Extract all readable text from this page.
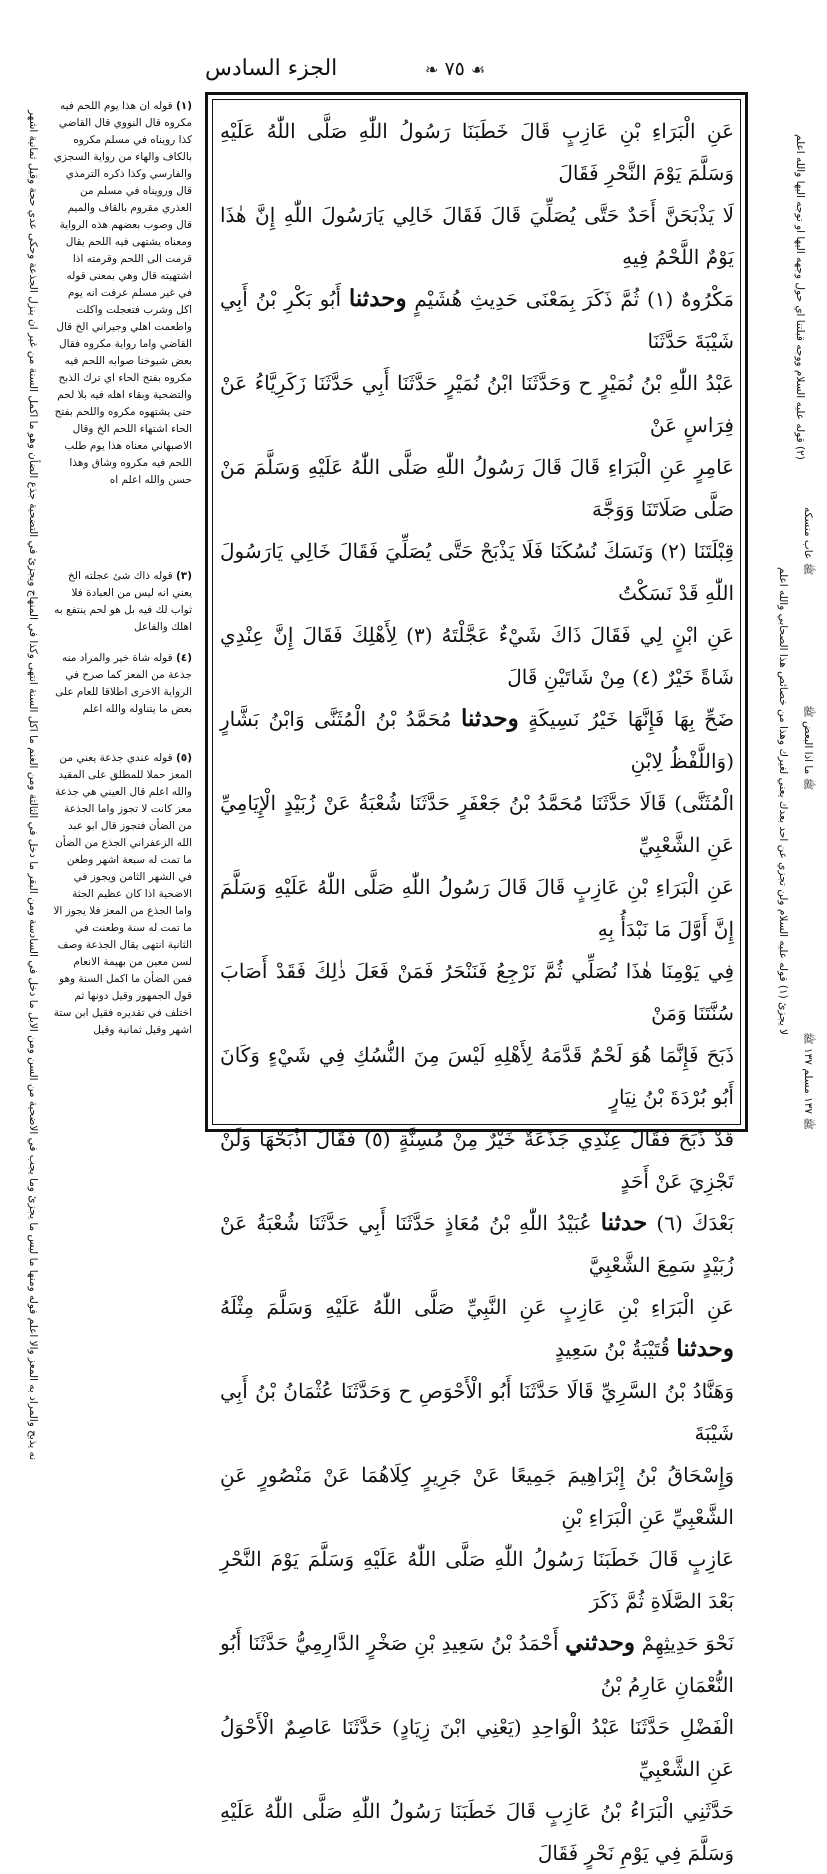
الجزء السادس	❧ ٧٥ ☙

عَنِ الْبَرَاءِ بْنِ عَازِبٍ قَالَ خَطَبَنَا رَسُولُ اللّٰهِ صَلَّى اللّٰهُ عَلَيْهِ وَسَلَّمَ يَوْمَ النَّحْرِ فَقَالَ

لَا يَذْبَحَنَّ أَحَدٌ حَتَّى يُصَلِّيَ قَالَ فَقَالَ خَالِي يَارَسُولَ اللّٰهِ إِنَّ هٰذَا يَوْمٌ اللَّحْمُ فِيهِ

مَكْرُوهٌ (١) ثُمَّ ذَكَرَ بِمَعْنَى حَدِيثِ هُشَيْمٍ وحدثنا أَبُو بَكْرِ بْنُ أَبِي شَيْبَةَ حَدَّثَنَا

عَبْدُ اللّٰهِ بْنُ نُمَيْرٍ ح وَحَدَّثَنَا ابْنُ نُمَيْرٍ حَدَّثَنَا أَبِي حَدَّثَنَا زَكَرِيَّاءُ عَنْ فِرَاسٍ عَنْ

عَامِرٍ عَنِ الْبَرَاءِ قَالَ قَالَ رَسُولُ اللّٰهِ صَلَّى اللّٰهُ عَلَيْهِ وَسَلَّمَ مَنْ صَلَّى صَلَاتَنَا وَوَجَّهَ

قِبْلَتَنَا (٢) وَنَسَكَ نُسُكَنَا فَلَا يَذْبَحْ حَتَّى يُصَلِّيَ فَقَالَ خَالِي يَارَسُولَ اللّٰهِ قَدْ نَسَكْتُ

عَنِ ابْنٍ لِي فَقَالَ ذَاكَ شَيْءٌ عَجَّلْتَهُ (٣) لِأَهْلِكَ فَقَالَ إِنَّ عِنْدِي شَاةً خَيْرٌ (٤) مِنْ شَاتَيْنِ قَالَ

ضَحِّ بِهَا فَإِنَّهَا خَيْرُ نَسِيكَةٍ وحدثنا مُحَمَّدُ بْنُ الْمُثَنَّى وَابْنُ بَشَّارٍ (وَاللَّفْظُ لِابْنِ

الْمُثَنَّى) قَالَا حَدَّثَنَا مُحَمَّدُ بْنُ جَعْفَرٍ حَدَّثَنَا شُعْبَةُ عَنْ زُبَيْدٍ الْإِيَامِيِّ عَنِ الشَّعْبِيِّ

عَنِ الْبَرَاءِ بْنِ عَازِبٍ قَالَ قَالَ رَسُولُ اللّٰهِ صَلَّى اللّٰهُ عَلَيْهِ وَسَلَّمَ إِنَّ أَوَّلَ مَا نَبْدَأُ بِهِ

فِي يَوْمِنَا هٰذَا نُصَلِّي ثُمَّ نَرْجِعُ فَنَنْحَرُ فَمَنْ فَعَلَ ذٰلِكَ فَقَدْ أَصَابَ سُنَّتَنَا وَمَنْ

ذَبَحَ فَإِنَّمَا هُوَ لَحْمٌ قَدَّمَهُ لِأَهْلِهِ لَيْسَ مِنَ النُّسُكِ فِي شَيْءٍ وَكَانَ أَبُو بُرْدَةَ بْنُ نِيَارٍ

قَدْ ذَبَحَ فَقَالَ عِنْدِي جَذَعَةٌ خَيْرٌ مِنْ مُسِنَّةٍ (٥) فَقَالَ اذْبَحْهَا وَلَنْ تَجْزِيَ عَنْ أَحَدٍ

بَعْدَكَ (٦) حدثنا عُبَيْدُ اللّٰهِ بْنُ مُعَاذٍ حَدَّثَنَا أَبِي حَدَّثَنَا شُعْبَةُ عَنْ زُبَيْدٍ سَمِعَ الشَّعْبِيَّ

عَنِ الْبَرَاءِ بْنِ عَازِبٍ عَنِ النَّبِيِّ صَلَّى اللّٰهُ عَلَيْهِ وَسَلَّمَ مِثْلَهُ وحدثنا قُتَيْبَةُ بْنُ سَعِيدٍ

وَهَنَّادُ بْنُ السَّرِيِّ قَالَا حَدَّثَنَا أَبُو الْأَحْوَصِ ح وَحَدَّثَنَا عُثْمَانُ بْنُ أَبِي شَيْبَةَ

وَإِسْحَاقُ بْنُ إِبْرَاهِيمَ جَمِيعًا عَنْ جَرِيرٍ كِلَاهُمَا عَنْ مَنْصُورٍ عَنِ الشَّعْبِيِّ عَنِ الْبَرَاءِ بْنِ

عَازِبٍ قَالَ خَطَبَنَا رَسُولُ اللّٰهِ صَلَّى اللّٰهُ عَلَيْهِ وَسَلَّمَ يَوْمَ النَّحْرِ بَعْدَ الصَّلَاةِ ثُمَّ ذَكَرَ

نَحْوَ حَدِيثِهِمْ وحدثني أَحْمَدُ بْنُ سَعِيدِ بْنِ صَخْرٍ الدَّارِمِيُّ حَدَّثَنَا أَبُو النُّعْمَانِ عَارِمُ بْنُ

الْفَضْلِ حَدَّثَنَا عَبْدُ الْوَاحِدِ (يَعْنِي ابْنَ زِيَادٍ) حَدَّثَنَا عَاصِمٌ الْأَحْوَلُ عَنِ الشَّعْبِيِّ

حَدَّثَنِي الْبَرَاءُ بْنُ عَازِبٍ قَالَ خَطَبَنَا رَسُولُ اللّٰهِ صَلَّى اللّٰهُ عَلَيْهِ وَسَلَّمَ فِي يَوْمِ نَحْرٍ فَقَالَ

(١) قوله ان هذا يوم اللحم فيه مكروه قال النووي قال القاضي كذا رويناه في مسلم مكروه بالكاف والهاء من رواية السجزي والفارسي وكذا ذكره الترمذي قال ورويناه في مسلم من العذري مقروم بالقاف والميم قال وصوب بعضهم هذه الرواية ومعناه يشتهى فيه اللحم يقال قرمت الى اللحم وقرمته اذا اشتهيته قال وهي بمعنى قوله في غير مسلم عرفت انه يوم اكل وشرب فتعجلت واكلت واطعمت اهلي وجيراني الخ قال القاضي واما رواية مكروه فقال بعض شيوخنا صوابه اللحم فيه مكروه بفتح الحاء اي ترك الذبح والتضحية وبقاء اهله فيه بلا لحم حتى يشتهوه مكروه واللحم بفتح الحاء اشتهاء اللحم الخ وقال الاصبهاني معناه هذا يوم طلب اللحم فيه مكروه وشاق وهذا حسن والله اعلم اه
(٣) قوله ذاك شئ عجلته الخ يعني انه ليس من العبادة فلا ثواب لك فيه بل هو لحم ينتفع به اهلك والفاعل
(٤) قوله شاة خير والمراد منه جذعة من المعز كما صرح في الرواية الاخرى اطلاقا للعام على بعض ما يتناوله والله اعلم
(٥) قوله عندي جذعة يعني من المعز حملا للمطلق على المقيد والله اعلم قال العيني هي جذعة معز كانت لا تجوز واما الجذعة من الضأن فتجوز قال ابو عبد الله الزعفراني الجذع من الضأن ما تمت له سبعة اشهر وطعن في الشهر الثامن ويجوز في الاضحية اذا كان عظيم الجثة واما الجذع من المعز فلا يجوز الا ما تمت له سنة وطعنت في الثانية انتهى يقال الجذعة وصف لسن معين من بهيمة الانعام فمن الضأن ما اكمل السنة وهو قول الجمهور وقيل دونها ثم اختلف في تقديره فقيل ابن ستة اشهر وقيل ثمانية وقيل
نه يذبح والمراد به المعز والا اعلم فوله ومنها ما ليس ما يجزئ وما يجب في الاضحية من السن ومن الابل ما دخل في السادسة ومن البقر ما دخل في الثالثة ومن الغنم ما اكل السنة انتهى وكذا في المنهاج ويجزئ في التضحية جذع الضأن وهو ما اكمل السنة من غير ان ينزل الجذعة وحكى عدي حجة وقيل ثمانية اشهر	(٢) قوله عليه السلام ووجه قبلتنا اي حول وجهه اليها او توجه اليها والله اعلم
ﷺ عاب منسكه
ﷺ ما اذا البعض ﷺ
لا يجزئ (١) قوله عليه السلام ولن تجزي عن احد بعدك يعني لغيرك وهذا من خصائص هذا الصحابي والله اعلم
ﷺ ١٣٧ مسلم ١٣٧ ﷺ
